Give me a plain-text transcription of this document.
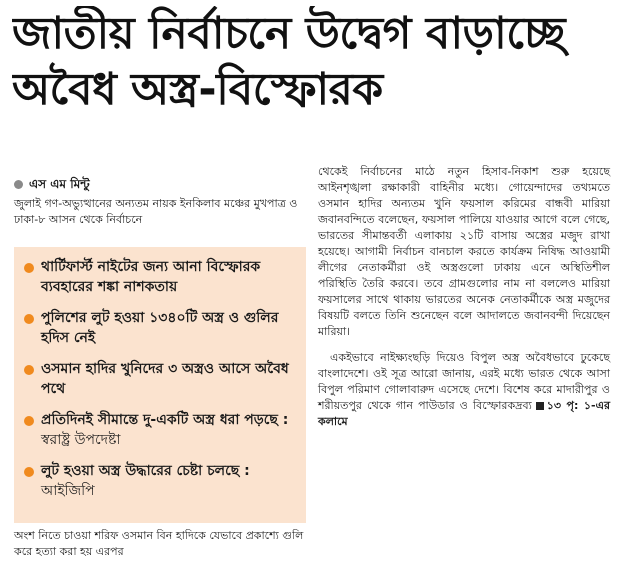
জাতীয় নির্বাচনে উদ্বেগ বাড়াচ্ছে
অবৈধ অস্ত্র-বিস্ফোরক
এস এম মিন্টু
জুলাই গণ-অভ্যুত্থানের অন্যতম নায়ক ইনকিলাব মঞ্চের মুখপাত্র ও ঢাকা-৮ আসন থেকে নির্বাচনে
থার্টিফার্স্ট নাইটের জন্য আনা বিস্ফোরক ব্যবহারের শঙ্কা নাশকতায়
পুলিশের লুট হওয়া ১৩৪০টি অস্ত্র ও গুলির হদিস নেই
ওসমান হাদির খুনিদের ৩ অস্ত্রও আসে অবৈধ পথে
প্রতিদিনই সীমান্তে দু-একটি অস্ত্র ধরা পড়ছে : স্বরাষ্ট্র উপদেষ্টা
লুট হওয়া অস্ত্র উদ্ধারের চেষ্টা চলছে : আইজিপি
অংশ নিতে চাওয়া শরিফ ওসমান বিন হাদিকে যেভাবে প্রকাশ্যে গুলি করে হত্যা করা হয় এরপর

থেকেই নির্বাচনের মাঠে নতুন হিসাব-নিকাশ শুরু হয়েছে আইনশৃঙ্খলা রক্ষাকারী বাহিনীর মধ্যে। গোয়েন্দাদের তথ্যমতে ওসমান হাদির অন্যতম খুনি ফয়সাল করিমের বান্ধবী মারিয়া জবানবন্দিতে বলেছেন, ফয়সাল পালিয়ে যাওয়ার আগে বলে গেছে, ভারতের সীমান্তবর্তী এলাকায় ২১টি বাসায় অস্ত্রের মজুদ রাখা হয়েছে। আগামী নির্বাচন বানচাল করতে কার্যক্রম নিষিদ্ধ আওয়ামী লীগের নেতাকর্মীরা ওই অস্ত্রগুলো ঢাকায় এনে অস্থিতিশীল পরিস্থিতি তৈরি করবে। তবে গ্রামগুলোর নাম না বললেও মারিয়া ফয়সালের সাথে থাকায় ভারতের অনেক নেতাকর্মীকে অস্ত্র মজুদের বিষয়টি বলতে তিনি শুনেছেন বলে আদালতে জবানবন্দী দিয়েছেন মারিয়া।

একইভাবে নাইক্ষ্যংছড়ি দিয়েও বিপুল অস্ত্র অবৈধভাবে ঢুকেছে বাংলাদেশে। ওই সূত্র আরো জানায়, এরই মধ্যে ভারত থেকে আসা বিপুল পরিমাণ গোলাবারুদ এসেছে দেশে। বিশেষ করে মাদারীপুর ও শরীয়তপুর থেকে গান পাউডার ও বিস্ফোরকদ্রব্য ১৩ পৃ: ১-এর কলামে
